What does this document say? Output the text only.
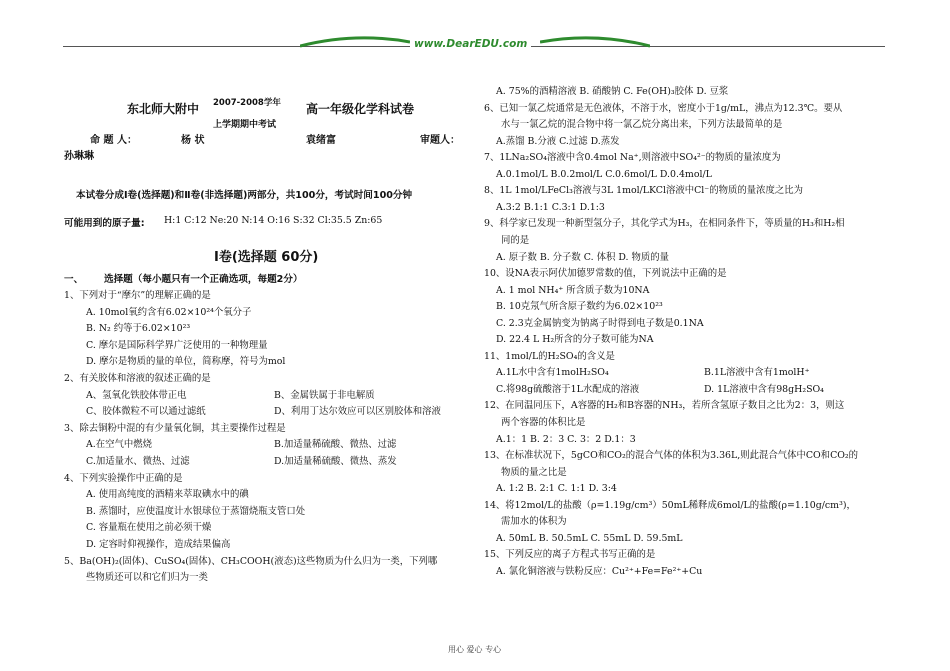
www.DearEDU.com
东北师大附中 2007-2008学年 高一年级化学科试卷
上学期期中考试
命 题 人：	杨 状	袁绪富	审题人：
孙琳琳
本试卷分成Ⅰ卷(选择题)和Ⅱ卷(非选择题)两部分，共100分，考试时间100分钟
可能用到的原子量: H:1 C:12 Ne:20 N:14 O:16 S:32 Cl:35.5 Zn:65
Ⅰ卷(选择题 60分)
一、 选择题（每小题只有一个正确选项，每题2分）
1、下列对于“摩尔”的理解正确的是
A. 10mol氧约含有6.02×10²⁴个氧分子
B. N₂ 约等于6.02×10²³
C. 摩尔是国际科学界广泛使用的一种物理量
D. 摩尔是物质的量的单位，简称摩，符号为mol
2、有关胶体和溶液的叙述正确的是
A、氢氧化铁胶体带正电	B、金属铁属于非电解质
C、胶体微粒不可以通过滤纸	D、利用丁达尔效应可以区别胶体和溶液
3、除去铜粉中混的有少量氧化铜，其主要操作过程是
A.在空气中燃烧	B.加适量稀硫酸、微热、过滤
C.加适量水、微热、过滤	D.加适量稀硫酸、微热、蒸发
4、下列实验操作中正确的是
A. 使用高纯度的酒精来萃取碘水中的碘
B. 蒸馏时，应使温度计水银球位于蒸馏烧瓶支管口处
C. 容量瓶在使用之前必须干燥
D. 定容时仰视操作，造成结果偏高
5、Ba(OH)₂(固体)、CuSO₄(固体)、CH₃COOH(液态)这些物质为什么归为一类，下列哪
些物质还可以和它们归为一类
A. 75%的酒精溶液 B. 硝酸钠 C. Fe(OH)₃胶体 D. 豆浆
6、已知一氯乙烷通常是无色液体，不溶于水，密度小于1g/mL，沸点为12.3℃。要从
水与一氯乙烷的混合物中将一氯乙烷分离出来，下列方法最简单的是
A.蒸馏 B.分液 C.过滤 D.蒸发
7、1LNa₂SO₄溶液中含0.4mol Na⁺,则溶液中SO₄²⁻的物质的量浓度为
A.0.1mol/L B.0.2mol/L C.0.6mol/L D.0.4mol/L
8、1L 1mol/LFeCl₃溶液与3L 1mol/LKCl溶液中Cl⁻的物质的量浓度之比为
A.3:2 B.1:1 C.3:1 D.1:3
9、科学家已发现一种新型氢分子，其化学式为H₃，在相同条件下，等质量的H₃和H₂相
同的是
A. 原子数 B. 分子数 C. 体积 D. 物质的量
10、设NA表示阿伏加德罗常数的值，下列说法中正确的是
A. 1 mol NH₄⁺ 所含质子数为10NA
B. 10克氖气所含原子数约为6.02×10²³
C. 2.3克金属钠变为钠离子时得到电子数是0.1NA
D. 22.4 L H₂所含的分子数可能为NA
11、1mol/L的H₂SO₄的含义是
A.1L水中含有1molH₂SO₄	B.1L溶液中含有1molH⁺
C.将98g硫酸溶于1L水配成的溶液	D. 1L溶液中含有98gH₂SO₄
12、在同温同压下，A容器的H₂和B容器的NH₃，若所含氢原子数目之比为2：3，则这
两个容器的体积比是
A.1：1 B. 2：3 C. 3：2 D.1：3
13、在标准状况下，5gCO和CO₂的混合气体的体积为3.36L,则此混合气体中CO和CO₂的
物质的量之比是
A. 1:2 B. 2:1 C. 1:1 D. 3:4
14、将12mol/L的盐酸（ρ=1.19g/cm³）50mL稀释成6mol/L的盐酸(ρ=1.10g/cm³)，
需加水的体积为
A. 50mL B. 50.5mL C. 55mL D. 59.5mL
15、下列反应的离子方程式书写正确的是
A. 氯化铜溶液与铁粉反应：Cu²⁺+Fe=Fe²⁺+Cu
用心 爱心 专心
